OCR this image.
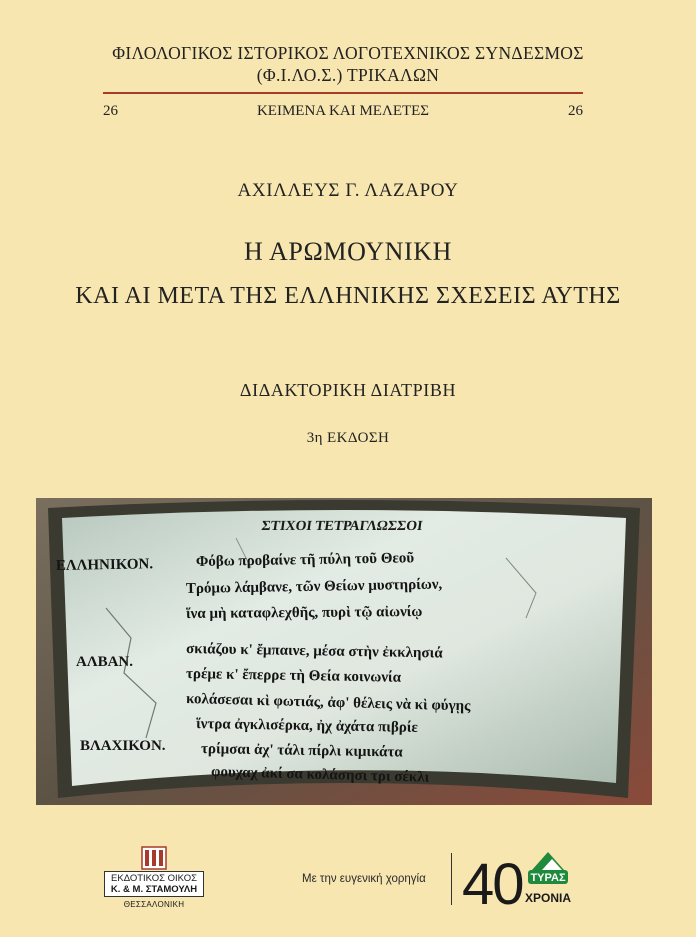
ΦΙΛΟΛΟΓΙΚΟΣ ΙΣΤΟΡΙΚΟΣ ΛΟΓΟΤΕΧΝΙΚΟΣ ΣΥΝΔΕΣΜΟΣ
(Φ.Ι.ΛΟ.Σ.) ΤΡΙΚΑΛΩΝ
26	ΚΕΙΜΕΝΑ ΚΑΙ ΜΕΛΕΤΕΣ	26
ΑΧΙΛΛΕΥΣ Γ. ΛΑΖΑΡΟΥ
Η ΑΡΩΜΟΥΝΙΚΗ
ΚΑΙ ΑΙ ΜΕΤΑ ΤΗΣ ΕΛΛΗΝΙΚΗΣ ΣΧΕΣΕΙΣ ΑΥΤΗΣ
ΔΙΔΑΚΤΟΡΙΚΗ ΔΙΑΤΡΙΒΗ
3η ΕΚΔΟΣΗ
ΣΤΙΧΟΙ ΤΕΤΡΑΓΛΩΣΣΟΙ
ΕΛΛΗΝΙΚΟΝ.	Φόβω προβαίνε τῆ πύλη τοῦ Θεοῦ
Τρόμω λάμβανε, τῶν Θείων μυστηρίων,
ἵνα μὴ καταφλεχθῆς, πυρὶ τῷ αἰωνίῳ
ΑΛΒΑΝ.
σκιάζου κ' ἔμπαινε, μέσα στὴν ἐκκλησιά
τρέμε κ' ἔπερρε τὴ Θεία κοινωνία
κολάσεσαι κὶ φωτιάς, ἀφ' θέλεις νὰ κὶ φύγῃς
ΒΛΑΧΙΚΟΝ.
ἵντρα ἀγκλισέρκα, ἠχ ἀχάτα πιβρίε
τρίμσαι ἀχ' τάλι πίρλι κιμικάτα
φουχαχ ἀκί σα κολάσησι τρι σέκλι
ΕΚΔΟΤΙΚΟΣ ΟΙΚΟΣ
Κ. & Μ. ΣΤΑΜΟΥΛΗ
ΘΕΣΣΑΛΟΝΙΚΗ
Με την ευγενική χορηγία 40 ΤΥΡΑΣ
ΧΡΟΝΙΑ
